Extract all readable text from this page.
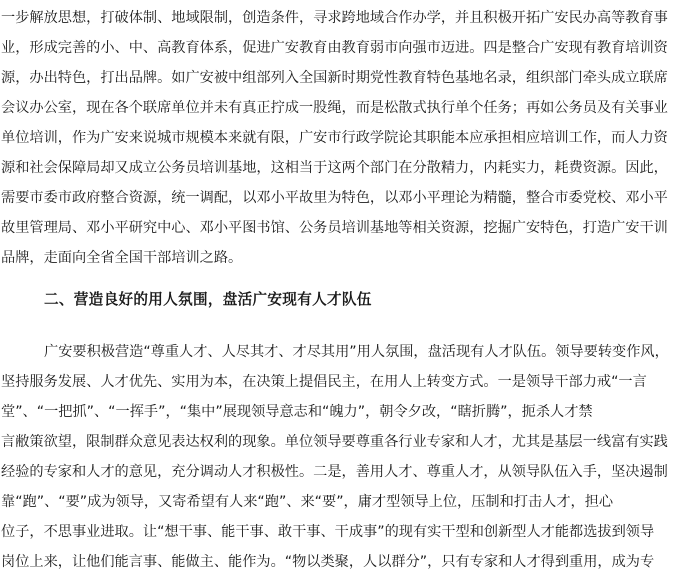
一步解放思想，打破体制、地域限制，创造条件，寻求跨地域合作办学，并且积极开拓广安民办高等教育事
业，形成完善的小、中、高教育体系，促进广安教育由教育弱市向强市迈进。四是整合广安现有教育培训资
源，办出特色，打出品牌。如广安被中组部列入全国新时期党性教育特色基地名录，组织部门牵头成立联席
会议办公室，现在各个联席单位并未有真正拧成一股绳，而是松散式执行单个任务；再如公务员及有关事业
单位培训，作为广安来说城市规模本来就有限，广安市行政学院论其职能本应承担相应培训工作，而人力资
源和社会保障局却又成立公务员培训基地，这相当于这两个部门在分散精力，内耗实力，耗费资源。因此，
需要市委市政府整合资源，统一调配，以邓小平故里为特色，以邓小平理论为精髓，整合市委党校、邓小平
故里管理局、邓小平研究中心、邓小平图书馆、公务员培训基地等相关资源，挖掘广安特色，打造广安干训
品牌，走面向全省全国干部培训之路。
二、营造良好的用人氛围，盘活广安现有人才队伍
广安要积极营造“尊重人才、人尽其才、才尽其用”用人氛围，盘活现有人才队伍。领导要转变作风，
坚持服务发展、人才优先、实用为本，在决策上提倡民主，在用人上转变方式。一是领导干部力戒“一言
堂”、“一把抓”、“一挥手”，“集中”展现领导意志和“魄力”，朝令夕改，“瞎折腾”，扼杀人才禁
言敝策欲望，限制群众意见表达权利的现象。单位领导要尊重各行业专家和人才，尤其是基层一线富有实践
经验的专家和人才的意见，充分调动人才积极性。二是，善用人才、尊重人才，从领导队伍入手，坚决遏制
靠“跑”、“要”成为领导，又寄希望有人来“跑”、来“要”，庸才型领导上位，压制和打击人才，担心
位子，不思事业进取。让“想干事、能干事、敢干事、干成事”的现有实干型和创新型人才能都选拔到领导
岗位上来，让他们能言事、能做主、能作为。“物以类聚，人以群分”，只有专家和人才得到重用，成为专
